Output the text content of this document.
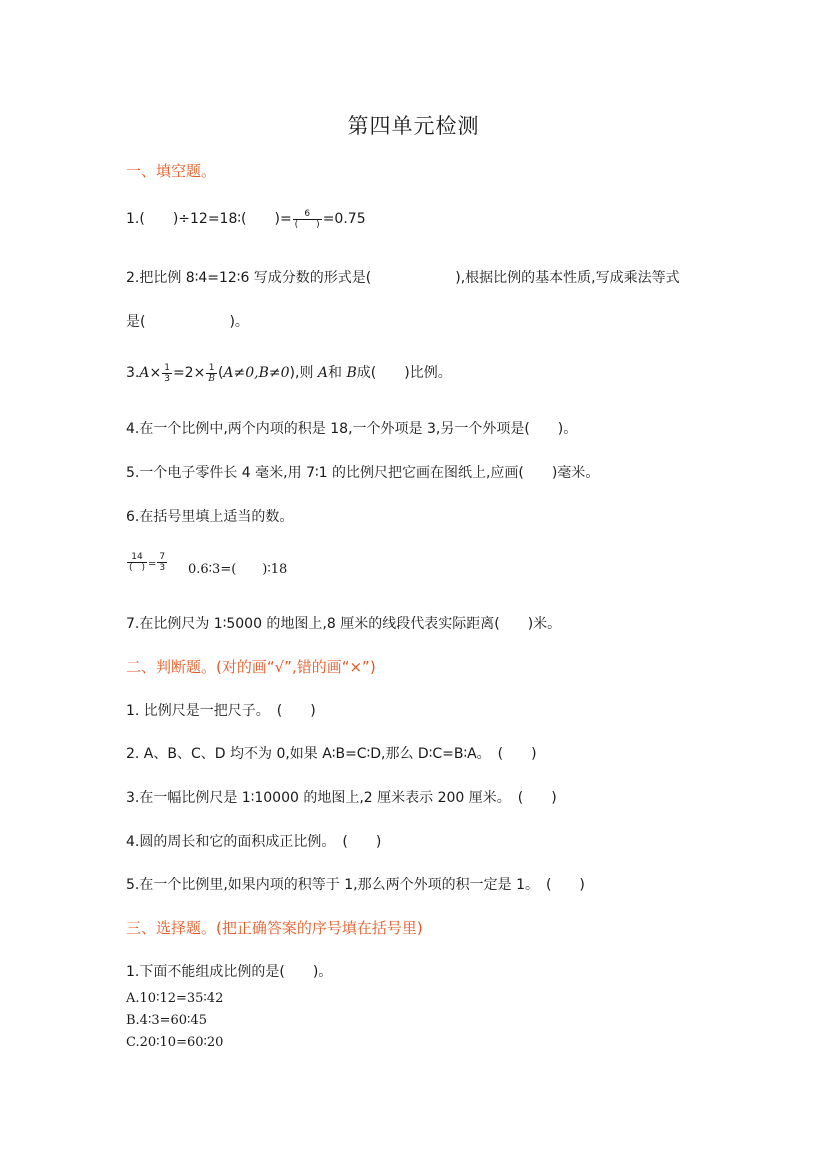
第四单元检测
一、填空题。
1.(　　)÷12=18∶(　　)= $\frac{6}{( )} =0.75$
2.把比例 8∶4=12∶6 写成分数的形式是(　　　　　　),根据比例的基本性质,写成乘法等式
是(　　　　　　)。
$3.A\times \frac{1}{3} =2\times \frac{1}{B} (A\ne 0,B\ne 0)$,则 A和 B成(　　)比例。
4.在一个比例中,两个内项的积是 18,一个外项是 3,另一个外项是(　　)。
5.一个电子零件长 4 毫米,用 7∶1 的比例尺把它画在图纸上,应画(　　)毫米。
6.在括号里填上适当的数。
$\frac{14}{( )} = \frac{7}{3}$ 0.6∶3=(　　)∶18
7.在比例尺为 1∶5000 的地图上,8 厘米的线段代表实际距离(　　)米。
二、判断题。(对的画“√”,错的画“×”)
1. 比例尺是一把尺子。　(　　)
2. A、B、C、D 均不为 0,如果 A∶B=C∶D,那么 D∶C=B∶A。　(　　)
3.在一幅比例尺是 1∶10000 的地图上,2 厘米表示 200 厘米。　(　　)
4.圆的周长和它的面积成正比例。　(　　)
5.在一个比例里,如果内项的积等于 1,那么两个外项的积一定是 1。　(　　)
三、选择题。(把正确答案的序号填在括号里)
1.下面不能组成比例的是(　　)。
A.10∶12=35∶42
B.4∶3=60∶45
C.20∶10=60∶20
